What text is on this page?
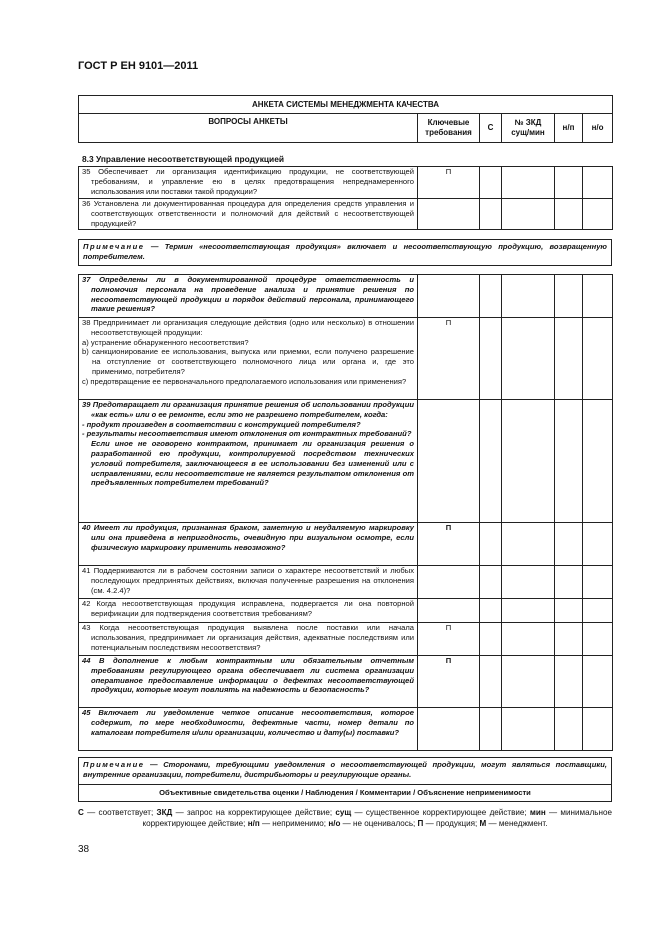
ГОСТ Р ЕН 9101—2011
АНКЕТА СИСТЕМЫ МЕНЕДЖМЕНТА КАЧЕСТВА
ВОПРОСЫ АНКЕТЫ	Ключевые требования	С	№ ЗКД сущ/мин	н/п	н/о
8.3 Управление несоответствующей продукцией
35 Обеспечивает ли организация идентификацию продукции, не соответствующей требованиям, и управление ею в целях предотвращения непреднамеренного использования или поставки такой продукции?	П				

36 Установлена ли документированная процедура для определения средств управления и соответствующих ответственности и полномочий для действий с несоответствующей продукцией?					

Примечание — Термин «несоответствующая продукция» включает и несоответствующую продукцию, возвращенную потребителем.
37 Определены ли в документированной процедуре ответственность и полномочия персонала на проведение анализа и принятие решения по несоответствующей продукции и порядок действий персонала, принимающего такие решения?					

38 Предпринимает ли организация следующие действия (одно или несколько) в отношении несоответствующей продукции:
a) устранение обнаруженного несоответствия?
b) санкционирование ее использования, выпуска или приемки, если получено разрешение на отступление от соответствующего полномочного лица или органа и, где это применимо, потребителя?
c) предотвращение ее первоначального предполагаемого использования или применения?	П				

39 Предотвращает ли организация принятие решения об использовании продукции «как есть» или о ее ремонте, если это не разрешено потребителем, когда:
- продукт произведен в соответствии с конструкцией потребителя?
- результаты несоответствия имеют отклонения от контрактных требований?
Если иное не оговорено контрактом, принимает ли организация решения о разработанной ею продукции, контролируемой посредством технических условий потребителя, заключающееся в ее использовании без изменений или с исправлениями, если несоответствие не является результатом отклонения от предъявленных потребителем требований?					

40 Имеет ли продукция, признанная браком, заметную и неудаляемую маркировку или она приведена в непригодность, очевидную при визуальном осмотре, если физическую маркировку применить невозможно?	П				

41 Поддерживаются ли в рабочем состоянии записи о характере несоответствий и любых последующих предпринятых действиях, включая полученные разрешения на отклонения (см. 4.2.4)?					

42 Когда несоответствующая продукция исправлена, подвергается ли она повторной верификации для подтверждения соответствия требованиям?					

43 Когда несоответствующая продукция выявлена после поставки или начала использования, предпринимает ли организация действия, адекватные последствиям или потенциальным последствиям несоответствия?	П				

44 В дополнение к любым контрактным или обязательным отчетным требованиям регулирующего органа обеспечивает ли система организации оперативное предоставление информации о дефектах несоответствующей продукции, которые могут повлиять на надежность и безопасность?	П				

45 Включает ли уведомление четкое описание несоответствия, которое содержит, по мере необходимости, дефектные части, номер детали по каталогам потребителя и/или организации, количество и дату(ы) поставки?					

Примечание — Сторонами, требующими уведомления о несоответствующей продукции, могут являться поставщики, внутренние организации, потребители, дистрибьюторы и регулирующие органы.
Объективные свидетельства оценки / Наблюдения / Комментарии / Объяснение неприменимости
С — соответствует; ЗКД — запрос на корректирующее действие; сущ — существенное корректирующее действие; мин — минимальное корректирующее действие; н/п — неприменимо; н/о — не оценивалось; П — продукция; М — менеджмент.
38
